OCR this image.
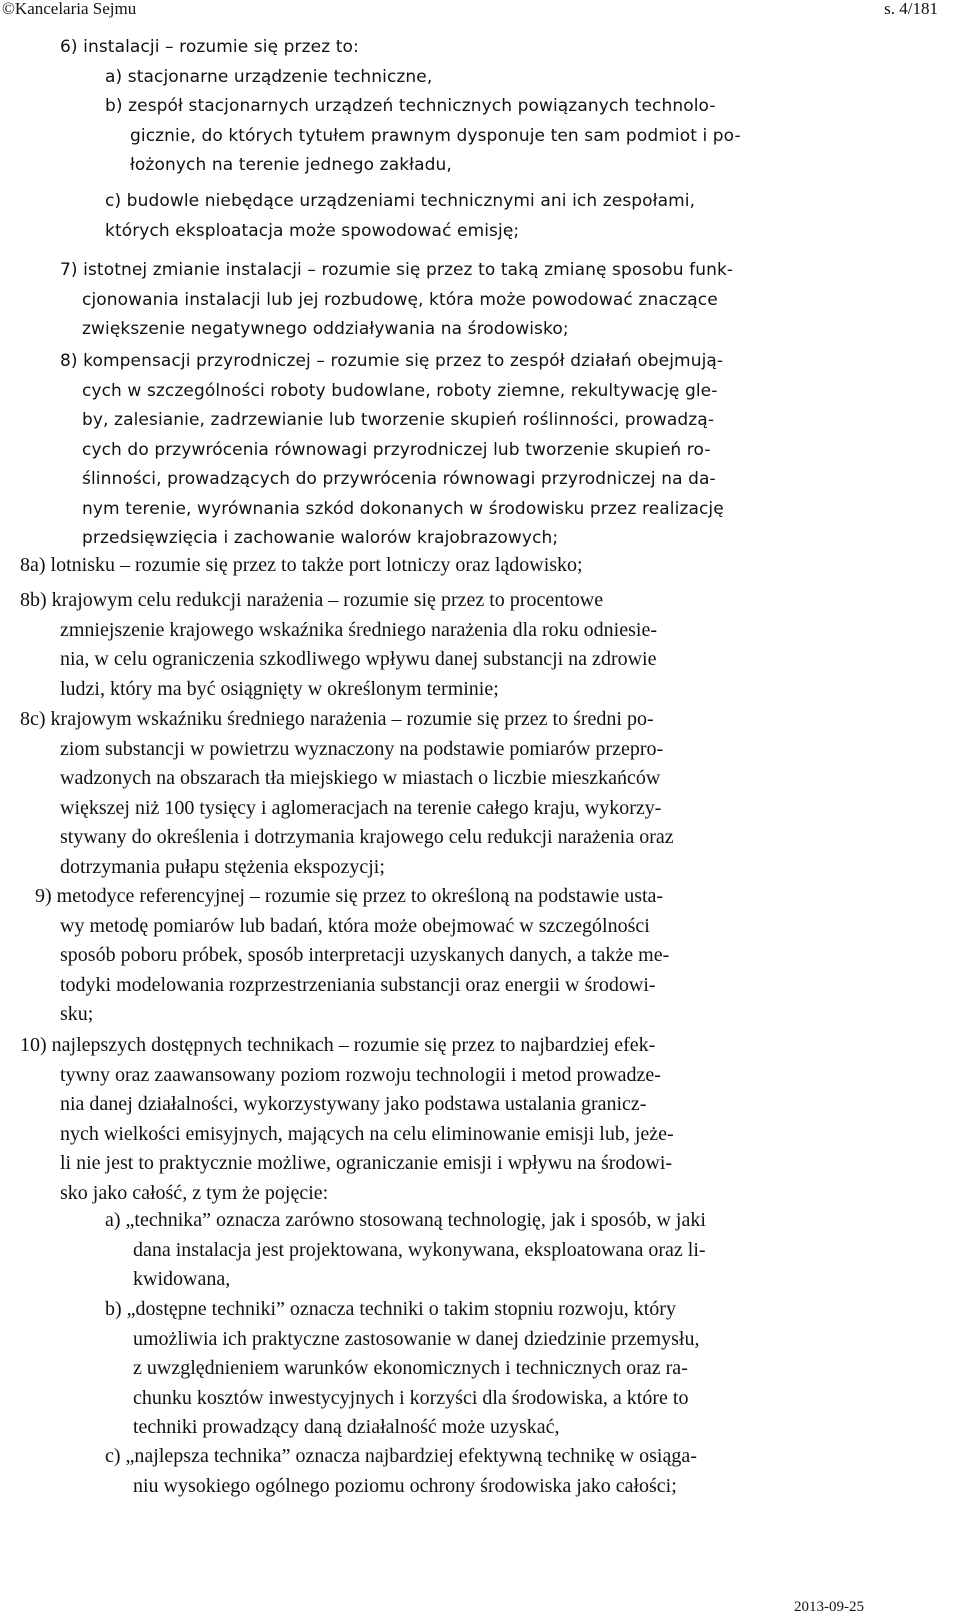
©Kancelaria Sejmu	s. 4/181
6) instalacji – rozumie się przez to:
a) stacjonarne urządzenie techniczne,
b) zespół stacjonarnych urządzeń technicznych powiązanych technolo-
gicznie, do których tytułem prawnym dysponuje ten sam podmiot i po-
łożonych na terenie jednego zakładu,
c) budowle niebędące urządzeniami technicznymi ani ich zespołami,
których eksploatacja może spowodować emisję;
7) istotnej zmianie instalacji – rozumie się przez to taką zmianę sposobu funk-
cjonowania instalacji lub jej rozbudowę, która może powodować znaczące
zwiększenie negatywnego oddziaływania na środowisko;
8) kompensacji przyrodniczej – rozumie się przez to zespół działań obejmują-
cych w szczególności roboty budowlane, roboty ziemne, rekultywację gle-
by, zalesianie, zadrzewianie lub tworzenie skupień roślinności, prowadzą-
cych do przywrócenia równowagi przyrodniczej lub tworzenie skupień ro-
ślinności, prowadzących do przywrócenia równowagi przyrodniczej na da-
nym terenie, wyrównania szkód dokonanych w środowisku przez realizację
przedsięwzięcia i zachowanie walorów krajobrazowych;
8a) lotnisku – rozumie się przez to także port lotniczy oraz lądowisko;
8b) krajowym celu redukcji narażenia – rozumie się przez to procentowe
zmniejszenie krajowego wskaźnika średniego narażenia dla roku odniesie-
nia, w celu ograniczenia szkodliwego wpływu danej substancji na zdrowie
ludzi, który ma być osiągnięty w określonym terminie;
8c) krajowym wskaźniku średniego narażenia – rozumie się przez to średni po-
ziom substancji w powietrzu wyznaczony na podstawie pomiarów przepro-
wadzonych na obszarach tła miejskiego w miastach o liczbie mieszkańców
większej niż 100 tysięcy i aglomeracjach na terenie całego kraju, wykorzy-
stywany do określenia i dotrzymania krajowego celu redukcji narażenia oraz
dotrzymania pułapu stężenia ekspozycji;
9) metodyce referencyjnej – rozumie się przez to określoną na podstawie usta-
wy metodę pomiarów lub badań, która może obejmować w szczególności
sposób poboru próbek, sposób interpretacji uzyskanych danych, a także me-
todyki modelowania rozprzestrzeniania substancji oraz energii w środowi-
sku;
10) najlepszych dostępnych technikach – rozumie się przez to najbardziej efek-
tywny oraz zaawansowany poziom rozwoju technologii i metod prowadze-
nia danej działalności, wykorzystywany jako podstawa ustalania granicz-
nych wielkości emisyjnych, mających na celu eliminowanie emisji lub, jeże-
li nie jest to praktycznie możliwe, ograniczanie emisji i wpływu na środowi-
sko jako całość, z tym że pojęcie:
a) „technika” oznacza zarówno stosowaną technologię, jak i sposób, w jaki
dana instalacja jest projektowana, wykonywana, eksploatowana oraz li-
kwidowana,
b) „dostępne techniki” oznacza techniki o takim stopniu rozwoju, który
umożliwia ich praktyczne zastosowanie w danej dziedzinie przemysłu,
z uwzględnieniem warunków ekonomicznych i technicznych oraz ra-
chunku kosztów inwestycyjnych i korzyści dla środowiska, a które to
techniki prowadzący daną działalność może uzyskać,
c) „najlepsza technika” oznacza najbardziej efektywną technikę w osiąga-
niu wysokiego ogólnego poziomu ochrony środowiska jako całości;
2013-09-25
